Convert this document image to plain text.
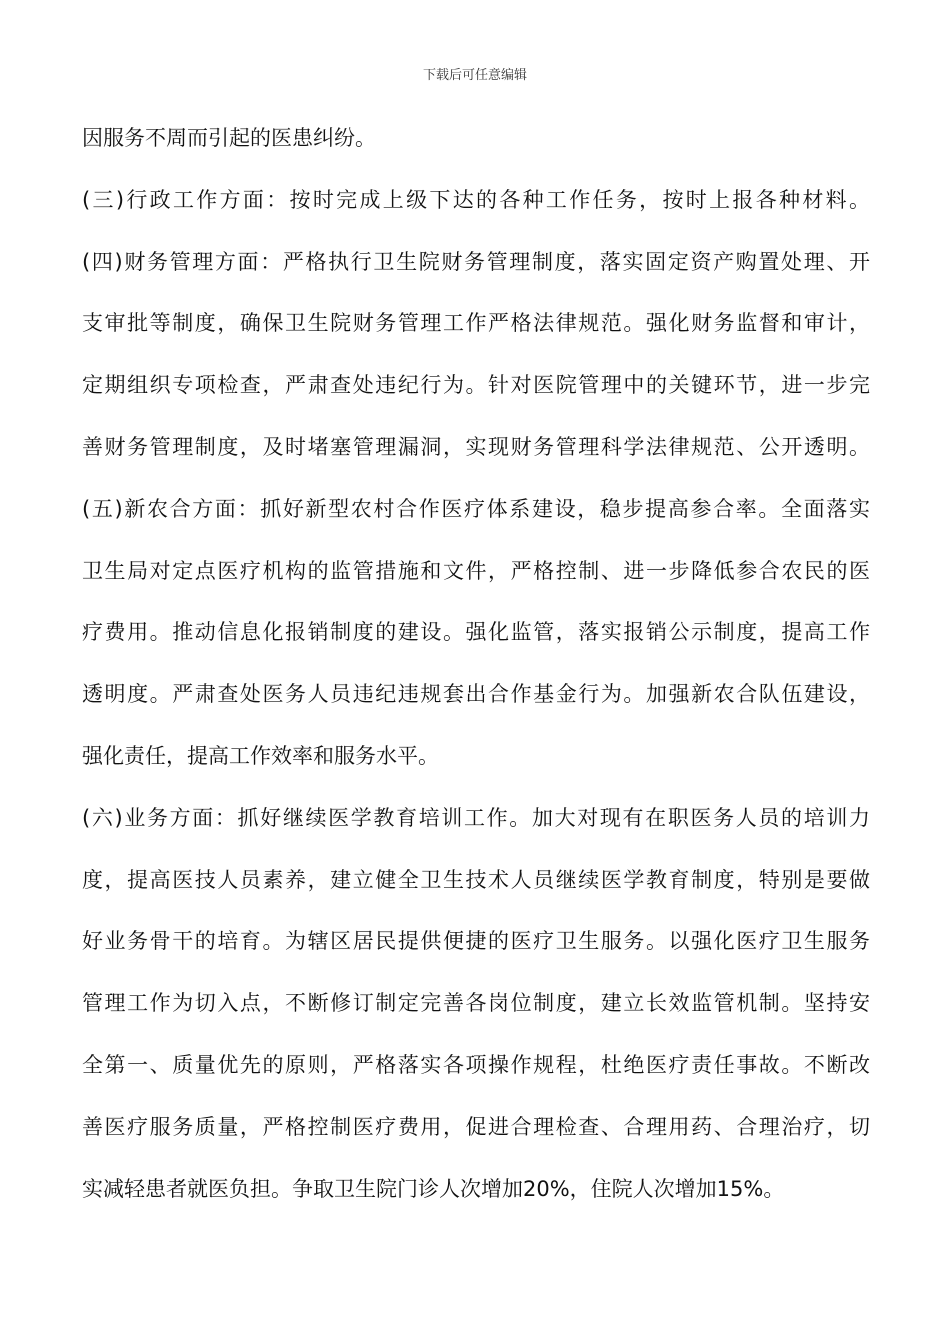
下载后可任意编辑
因服务不周而引起的医患纠纷。
(三)行政工作方面：按时完成上级下达的各种工作任务，按时上报各种材料。
(四)财务管理方面：严格执行卫生院财务管理制度，落实固定资产购置处理、开
支审批等制度，确保卫生院财务管理工作严格法律规范。强化财务监督和审计，
定期组织专项检查，严肃查处违纪行为。针对医院管理中的关键环节，进一步完
善财务管理制度，及时堵塞管理漏洞，实现财务管理科学法律规范、公开透明。
(五)新农合方面：抓好新型农村合作医疗体系建设，稳步提高参合率。全面落实
卫生局对定点医疗机构的监管措施和文件，严格控制、进一步降低参合农民的医
疗费用。推动信息化报销制度的建设。强化监管，落实报销公示制度，提高工作
透明度。严肃查处医务人员违纪违规套出合作基金行为。加强新农合队伍建设，
强化责任，提高工作效率和服务水平。
(六)业务方面：抓好继续医学教育培训工作。加大对现有在职医务人员的培训力
度，提高医技人员素养，建立健全卫生技术人员继续医学教育制度，特别是要做
好业务骨干的培育。为辖区居民提供便捷的医疗卫生服务。以强化医疗卫生服务
管理工作为切入点，不断修订制定完善各岗位制度，建立长效监管机制。坚持安
全第一、质量优先的原则，严格落实各项操作规程，杜绝医疗责任事故。不断改
善医疗服务质量，严格控制医疗费用，促进合理检查、合理用药、合理治疗，切
实减轻患者就医负担。争取卫生院门诊人次增加20%，住院人次增加15%。
